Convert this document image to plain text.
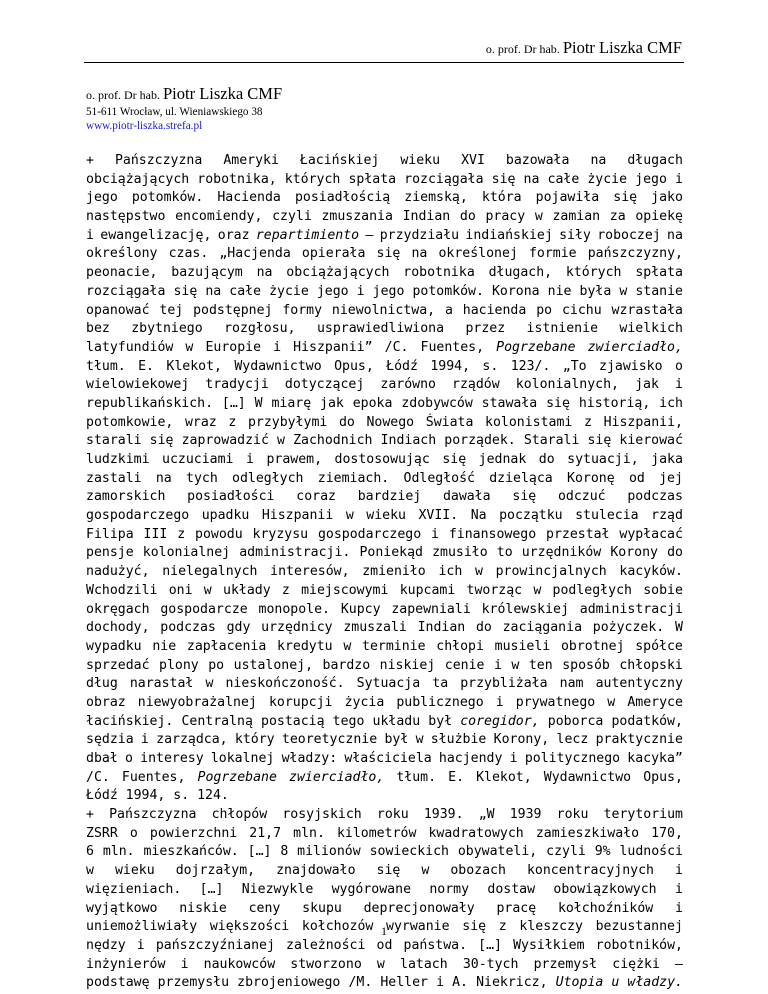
o. prof. Dr hab. Piotr Liszka CMF
o. prof. Dr hab. Piotr Liszka CMF
51-611 Wrocław, ul. Wieniawskiego 38
www.piotr-liszka.strefa.pl
+ Pańszczyzna Ameryki Łacińskiej wieku XVI bazowała na długach
obciążających robotnika, których spłata rozciągała się na całe życie jego i
jego potomków. Hacienda posiadłością ziemską, która pojawiła się jako
następstwo encomiendy, czyli zmuszania Indian do pracy w zamian za opiekę
i ewangelizację, oraz repartimiento – przydziału indiańskiej siły roboczej na
określony czas. „Hacjenda opierała się na określonej formie pańszczyzny,
peonacie, bazującym na obciążających robotnika długach, których spłata
rozciągała się na całe życie jego i jego potomków. Korona nie była w stanie
opanować tej podstępnej formy niewolnictwa, a hacienda po cichu wzrastała
bez zbytniego rozgłosu, usprawiedliwiona przez istnienie wielkich
latyfundiów w Europie i Hiszpanii” /C. Fuentes, Pogrzebane zwierciadło,
tłum. E. Klekot, Wydawnictwo Opus, Łódź 1994, s. 123/. „To zjawisko o
wielowiekowej tradycji dotyczącej zarówno rządów kolonialnych, jak i
republikańskich. […] W miarę jak epoka zdobywców stawała się historią, ich
potomkowie, wraz z przybyłymi do Nowego Świata kolonistami z Hiszpanii,
starali się zaprowadzić w Zachodnich Indiach porządek. Starali się kierować
ludzkimi uczuciami i prawem, dostosowując się jednak do sytuacji, jaka
zastali na tych odległych ziemiach. Odległość dzieląca Koronę od jej
zamorskich posiadłości coraz bardziej dawała się odczuć podczas
gospodarczego upadku Hiszpanii w wieku XVII. Na początku stulecia rząd
Filipa III z powodu kryzysu gospodarczego i finansowego przestał wypłacać
pensje kolonialnej administracji. Poniekąd zmusiło to urzędników Korony do
nadużyć, nielegalnych interesów, zmieniło ich w prowincjalnych kacyków.
Wchodzili oni w układy z miejscowymi kupcami tworząc w podległych sobie
okręgach gospodarcze monopole. Kupcy zapewniali królewskiej administracji
dochody, podczas gdy urzędnicy zmuszali Indian do zaciągania pożyczek. W
wypadku nie zapłacenia kredytu w terminie chłopi musieli obrotnej spółce
sprzedać plony po ustalonej, bardzo niskiej cenie i w ten sposób chłopski
dług narastał w nieskończoność. Sytuacja ta przybliżała nam autentyczny
obraz niewyobrażalnej korupcji życia publicznego i prywatnego w Ameryce
łacińskiej. Centralną postacią tego układu był coregidor, poborca podatków,
sędzia i zarządca, który teoretycznie był w służbie Korony, lecz praktycznie
dbał o interesy lokalnej władzy: właściciela hacjendy i politycznego kacyka”
/C. Fuentes, Pogrzebane zwierciadło, tłum. E. Klekot, Wydawnictwo Opus,
Łódź 1994, s. 124.
+ Pańszczyzna chłopów rosyjskich roku 1939. „W 1939 roku terytorium
ZSRR o powierzchni 21,7 mln. kilometrów kwadratowych zamieszkiwało 170,
6 mln. mieszkańców. […] 8 milionów sowieckich obywateli, czyli 9% ludności
w wieku dojrzałym, znajdowało się w obozach koncentracyjnych i
więzieniach. […] Niezwykle wygórowane normy dostaw obowiązkowych i
wyjątkowo niskie ceny skupu deprecjonowały pracę kołchoźników i
uniemożliwiały większości kołchozów wyrwanie się z kleszczy bezustannej
nędzy i pańszczyźnianej zależności od państwa. […] Wysiłkiem robotników,
inżynierów i naukowców stworzono w latach 30-tych przemysł ciężki –
podstawę przemysłu zbrojeniowego /M. Heller i A. Niekricz, Utopia u władzy.
1
